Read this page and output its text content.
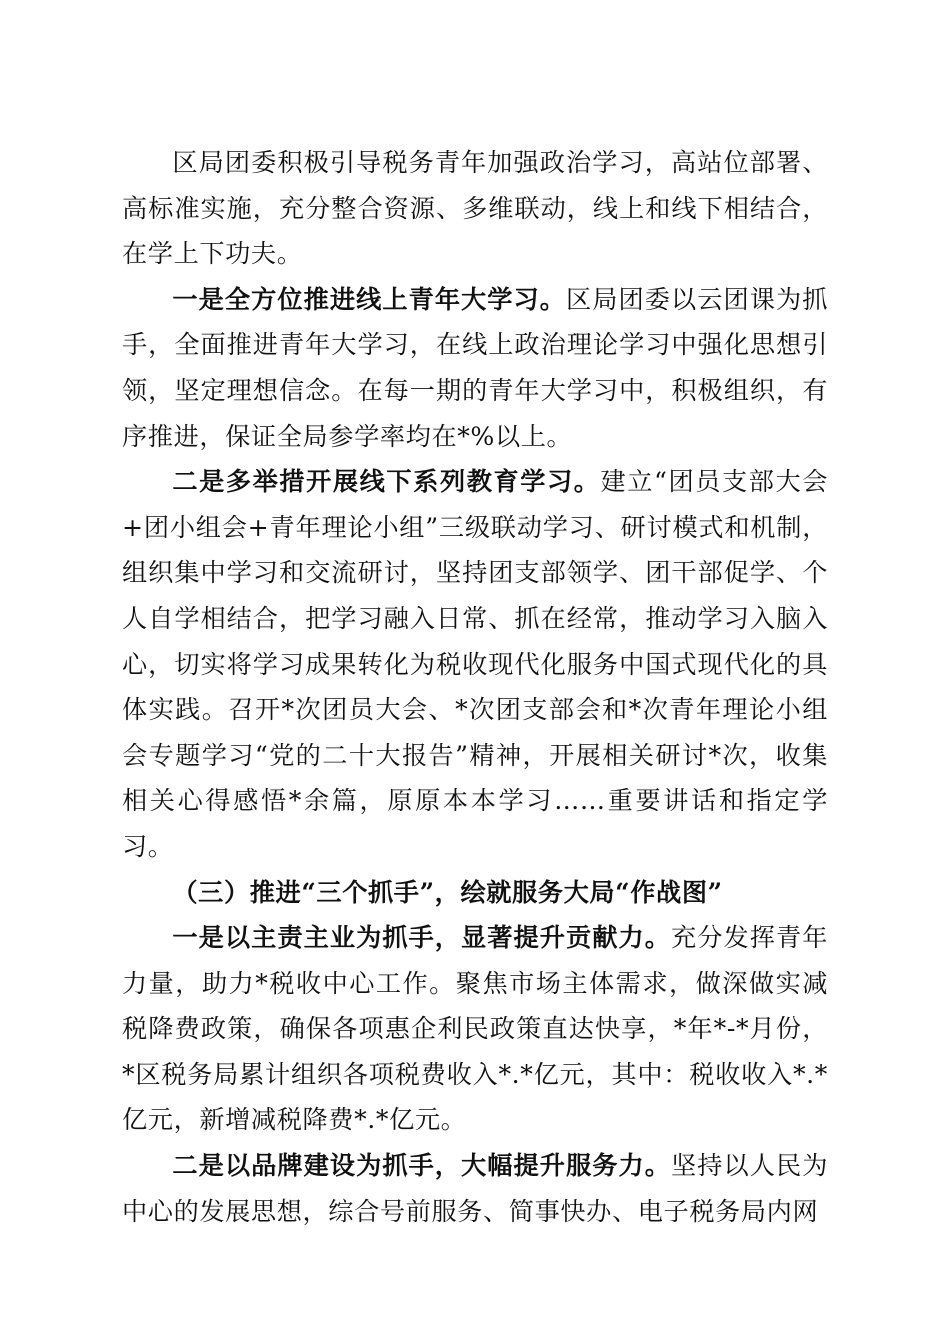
区局团委积极引导税务青年加强政治学习，高站位部署、高标准实施，充分整合资源、多维联动，线上和线下相结合，在学上下功夫。

一是全方位推进线上青年大学习。区局团委以云团课为抓手，全面推进青年大学习，在线上政治理论学习中强化思想引领，坚定理想信念。在每一期的青年大学习中，积极组织，有序推进，保证全局参学率均在*%以上。

二是多举措开展线下系列教育学习。建立“团员支部大会+团小组会+青年理论小组”三级联动学习、研讨模式和机制，组织集中学习和交流研讨，坚持团支部领学、团干部促学、个人自学相结合，把学习融入日常、抓在经常，推动学习入脑入心，切实将学习成果转化为税收现代化服务中国式现代化的具体实践。召开*次团员大会、*次团支部会和*次青年理论小组会专题学习“党的二十大报告”精神，开展相关研讨*次，收集相关心得感悟*余篇，原原本本学习……重要讲话和指定学习。

（三）推进“三个抓手”，绘就服务大局“作战图”

一是以主责主业为抓手，显著提升贡献力。充分发挥青年力量，助力*税收中心工作。聚焦市场主体需求，做深做实减税降费政策，确保各项惠企利民政策直达快享，*年*-*月份，*区税务局累计组织各项税费收入*.*亿元，其中：税收收入*.*亿元，新增减税降费*.*亿元。

二是以品牌建设为抓手，大幅提升服务力。坚持以人民为中心的发展思想，综合号前服务、简事快办、电子税务局内网
